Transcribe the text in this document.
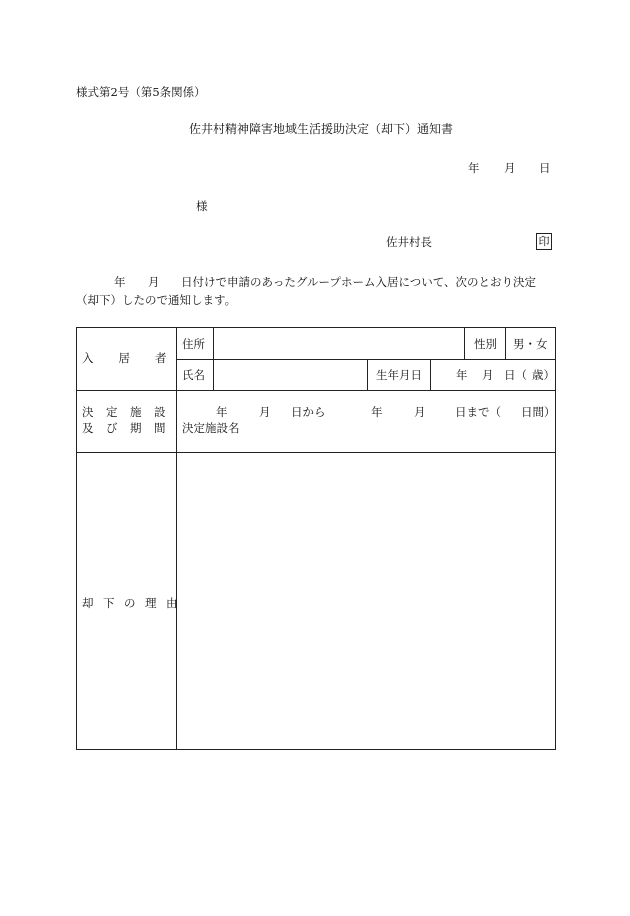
様式第2号（第5条関係）
佐井村精神障害地域生活援助決定（却下）通知書
年 月 日
様
佐井村長	印
年 月 日付けで申請のあったグループホーム入居について、次のとおり決定
（却下）したので通知します。
入居者
住所	性別 男・女
氏名	生年月日	年 月 日（ 歳）
決定施設
及び期間
年	月 日から	年	月	日まで（ 日間）
決定施設名
却下の理由
